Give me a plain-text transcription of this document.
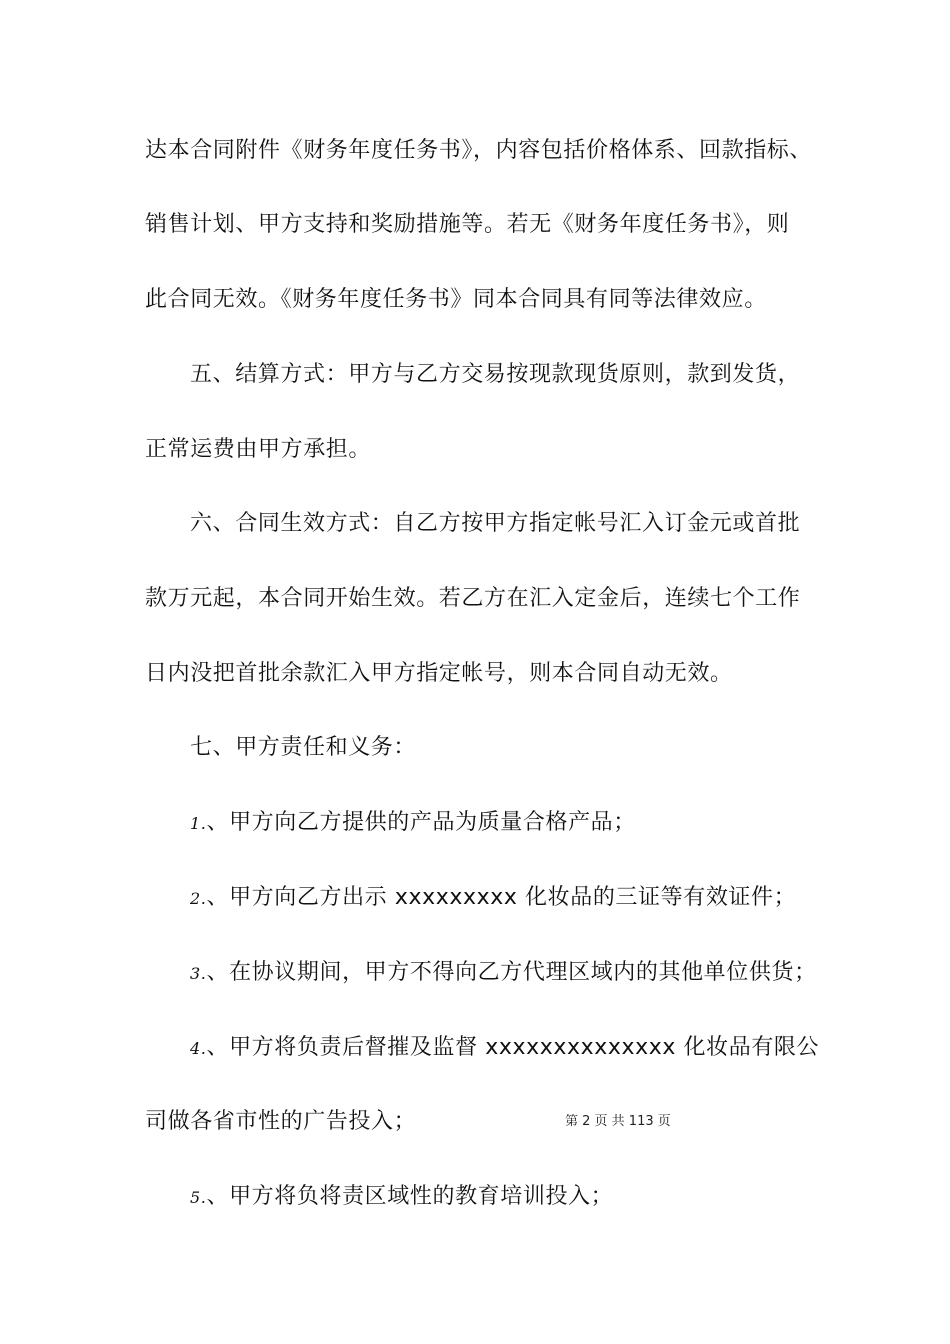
达本合同附件《财务年度任务书》，内容包括价格体系、回款指标、
销售计划、甲方支持和奖励措施等。若无《财务年度任务书》，则
此合同无效。《财务年度任务书》同本合同具有同等法律效应。
五、结算方式：甲方与乙方交易按现款现货原则，款到发货，
正常运费由甲方承担。
六、合同生效方式：自乙方按甲方指定帐号汇入订金元或首批
款万元起，本合同开始生效。若乙方在汇入定金后，连续七个工作
日内没把首批余款汇入甲方指定帐号，则本合同自动无效。
七、甲方责任和义务：
1.、甲方向乙方提供的产品为质量合格产品；
2.、甲方向乙方出示 xxxxxxxxx 化妆品的三证等有效证件；
3.、在协议期间，甲方不得向乙方代理区域内的其他单位供货；
4.、甲方将负责后督摧及监督 xxxxxxxxxxxxxx 化妆品有限公
司做各省市性的广告投入；	第 2 页 共 113 页
5.、甲方将负将责区域性的教育培训投入；
